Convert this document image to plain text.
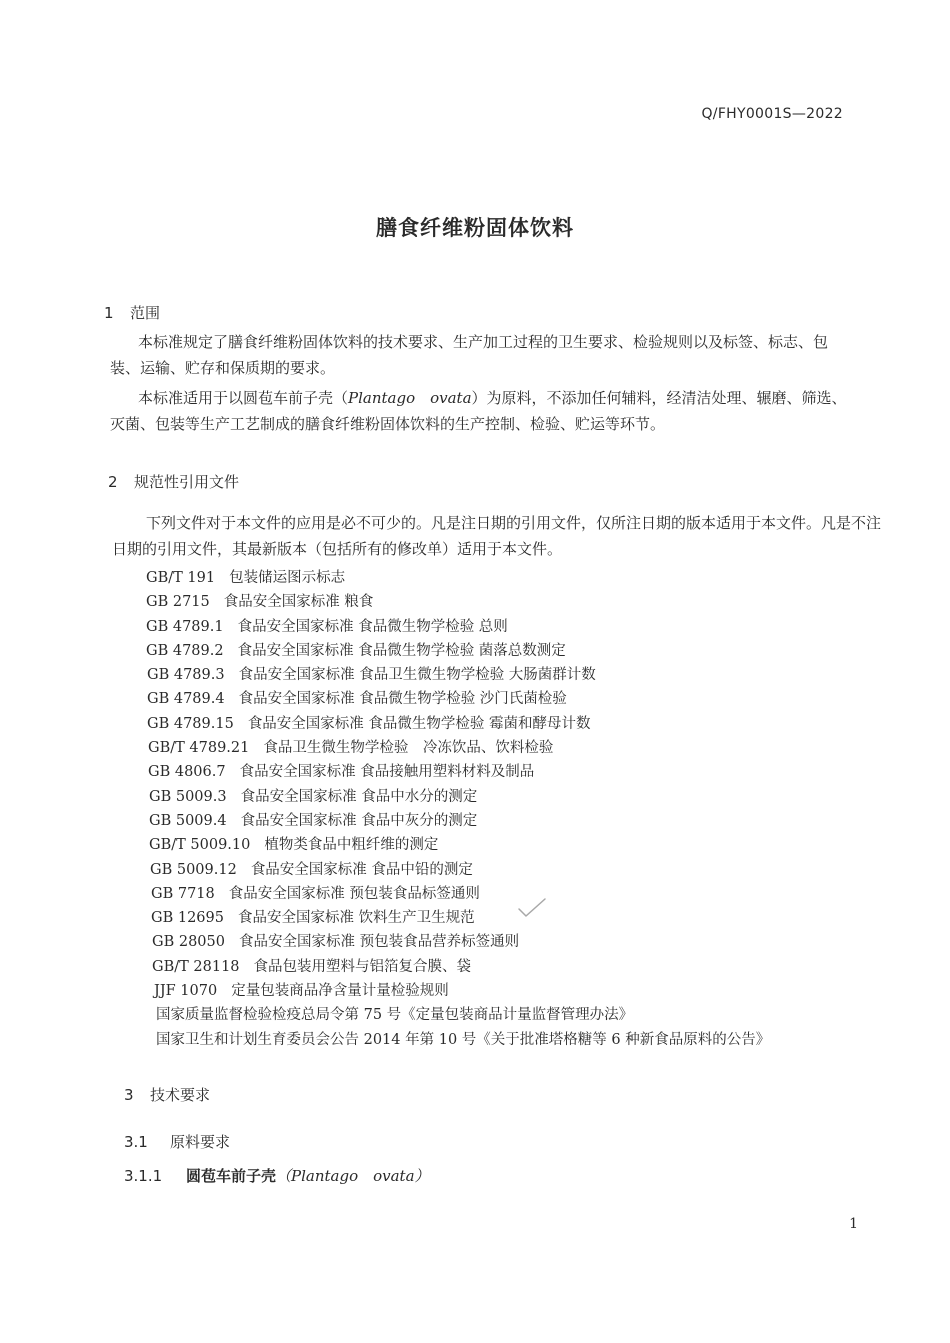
Q/FHY0001S—2022
膳食纤维粉固体饮料
1 范围
本标准规定了膳食纤维粉固体饮料的技术要求、生产加工过程的卫生要求、检验规则以及标签、标志、包装、运输、贮存和保质期的要求。
本标准适用于以圆苞车前子壳（Plantago　ovata）为原料，不添加任何辅料，经清洁处理、辗磨、筛选、灭菌、包装等生产工艺制成的膳食纤维粉固体饮料的生产控制、检验、贮运等环节。
2 规范性引用文件
下列文件对于本文件的应用是必不可少的。凡是注日期的引用文件，仅所注日期的版本适用于本文件。凡是不注日期的引用文件，其最新版本（包括所有的修改单）适用于本文件。
GB/T 191 包装储运图示标志
GB 2715 食品安全国家标准 粮食
GB 4789.1 食品安全国家标准 食品微生物学检验 总则
GB 4789.2 食品安全国家标准 食品微生物学检验 菌落总数测定
GB 4789.3 食品安全国家标准 食品卫生微生物学检验 大肠菌群计数
GB 4789.4 食品安全国家标准 食品微生物学检验 沙门氏菌检验
GB 4789.15 食品安全国家标准 食品微生物学检验 霉菌和酵母计数
GB/T 4789.21 食品卫生微生物学检验　冷冻饮品、饮料检验
GB 4806.7 食品安全国家标准 食品接触用塑料材料及制品
GB 5009.3 食品安全国家标准 食品中水分的测定
GB 5009.4 食品安全国家标准 食品中灰分的测定
GB/T 5009.10 植物类食品中粗纤维的测定
GB 5009.12 食品安全国家标准 食品中铅的测定
GB 7718 食品安全国家标准 预包装食品标签通则
GB 12695 食品安全国家标准 饮料生产卫生规范
GB 28050 食品安全国家标准 预包装食品营养标签通则
GB/T 28118 食品包装用塑料与铝箔复合膜、袋
JJF 1070 定量包装商品净含量计量检验规则
国家质量监督检验检疫总局令第 75 号《定量包装商品计量监督管理办法》
国家卫生和计划生育委员会公告 2014 年第 10 号《关于批准塔格糖等 6 种新食品原料的公告》
3 技术要求
3.1 原料要求
3.1.1 圆苞车前子壳（Plantago　ovata）
1
